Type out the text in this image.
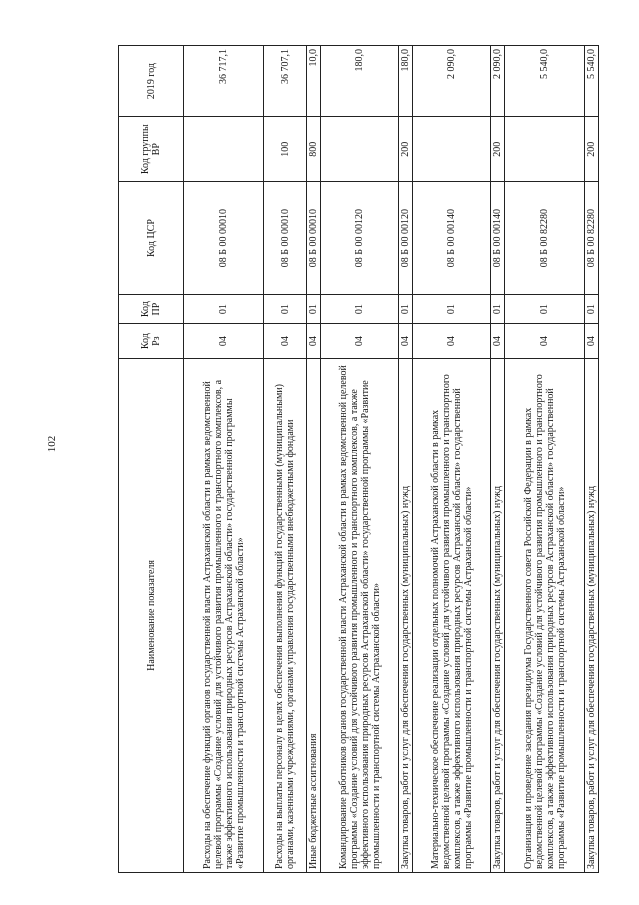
102
Наименование показателя	Код Рз	Код ПР	Код ЦСР	Код группы ВР	2019 год
Расходы на обеспечение функций органов государственной власти Астраханской области в рамках ведомственной целевой программы «Создание условий для устойчивого развития промышленного и транспортного комплексов, а также эффективного использования природных ресурсов Астраханской области» государственной программы «Развитие промышленности и транспортной системы Астраханской области»	04	01	08 Б 00 00010		36 717,1
Расходы на выплаты персоналу в целях обеспечения выполнения функций государственными (муниципальными) органами, казенными учреждениями, органами управления государственными внебюджетными фондами	04	01	08 Б 00 00010	100	36 707,1
Иные бюджетные ассигнования	04	01	08 Б 00 00010	800	10,0
Командирование работников органов государственной власти Астраханской области в рамках ведомственной целевой программы «Создание условий для устойчивого развития промышленного и транспортного комплексов, а также эффективного использования природных ресурсов Астраханской области» государственной программы «Развитие промышленности и транспортной системы Астраханской области»	04	01	08 Б 00 00120		180,0
Закупка товаров, работ и услуг для обеспечения государственных (муниципальных) нужд	04	01	08 Б 00 00120	200	180,0
Материально-техническое обеспечение реализации отдельных полномочий Астраханской области в рамках ведомственной целевой программы «Создание условий для устойчивого развития промышленного и транспортного комплексов, а также эффективного использования природных ресурсов Астраханской области» государственной программы «Развитие промышленности и транспортной системы Астраханской области»	04	01	08 Б 00 00140		2 090,0
Закупка товаров, работ и услуг для обеспечения государственных (муниципальных) нужд	04	01	08 Б 00 00140	200	2 090,0
Организация и проведение заседания президиума Государственного совета Российской Федерации в рамках ведомственной целевой программы «Создание условий для устойчивого развития промышленного и транспортного комплексов, а также эффективного использования природных ресурсов Астраханской области» государственной программы «Развитие промышленности и транспортной системы Астраханской области»	04	01	08 Б 00 82280		5 540,0
Закупка товаров, работ и услуг для обеспечения государственных (муниципальных) нужд	04	01	08 Б 00 82280	200	5 540,0
